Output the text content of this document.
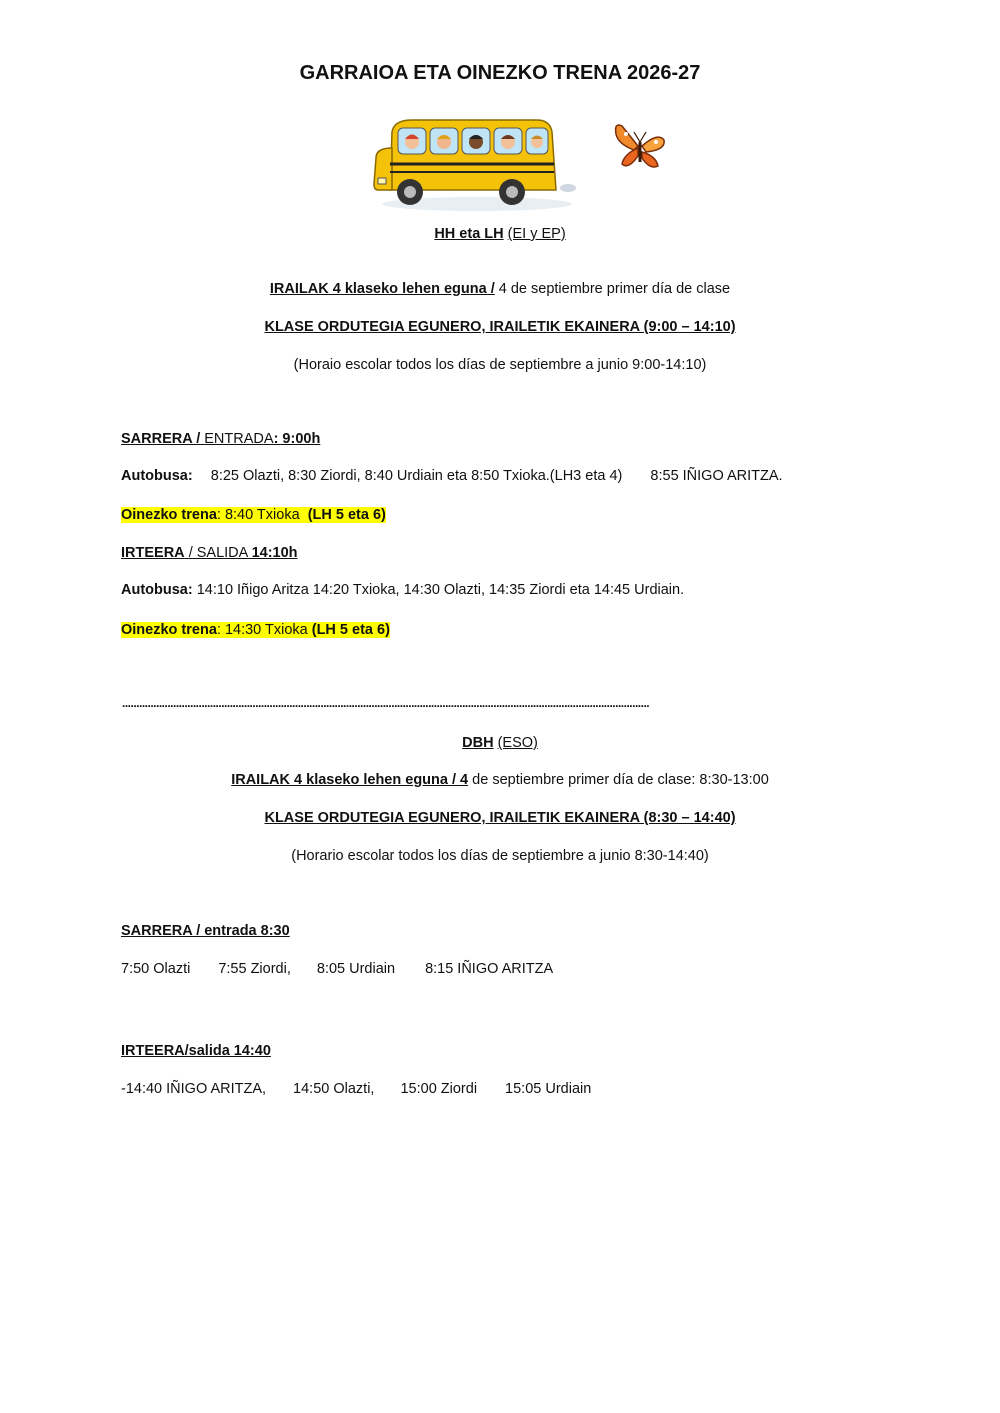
GARRAIOA ETA OINEZKO TRENA 2026-27
HH eta LH (EI y EP)
IRAILAK 4 klaseko lehen eguna / 4 de septiembre primer día de clase
KLASE ORDUTEGIA EGUNERO, IRAILETIK EKAINERA (9:00 – 14:10)
(Horaio escolar todos los días de septiembre a junio 9:00-14:10)
SARRERA / ENTRADA: 9:00h
Autobusa: 8:25 Olazti, 8:30 Ziordi, 8:40 Urdiain eta 8:50 Txioka.(LH3 eta 4) 8:55 IÑIGO ARITZA.
Oinezko trena: 8:40 Txioka (LH 5 eta 6)
IRTEERA / SALIDA 14:10h
Autobusa: 14:10 Iñigo Aritza 14:20 Txioka, 14:30 Olazti, 14:35 Ziordi eta 14:45 Urdiain.
Oinezko trena: 14:30 Txioka (LH 5 eta 6)
..........................................................................................................................................................................................
DBH (ESO)
IRAILAK 4 klaseko lehen eguna / 4 de septiembre primer día de clase: 8:30-13:00
KLASE ORDUTEGIA EGUNERO, IRAILETIK EKAINERA (8:30 – 14:40)
(Horario escolar todos los días de septiembre a junio 8:30-14:40)
SARRERA / entrada 8:30
7:50 Olazti 7:55 Ziordi, 8:05 Urdiain 8:15 IÑIGO ARITZA
IRTEERA/salida 14:40
-14:40 IÑIGO ARITZA, 14:50 Olazti, 15:00 Ziordi 15:05 Urdiain
